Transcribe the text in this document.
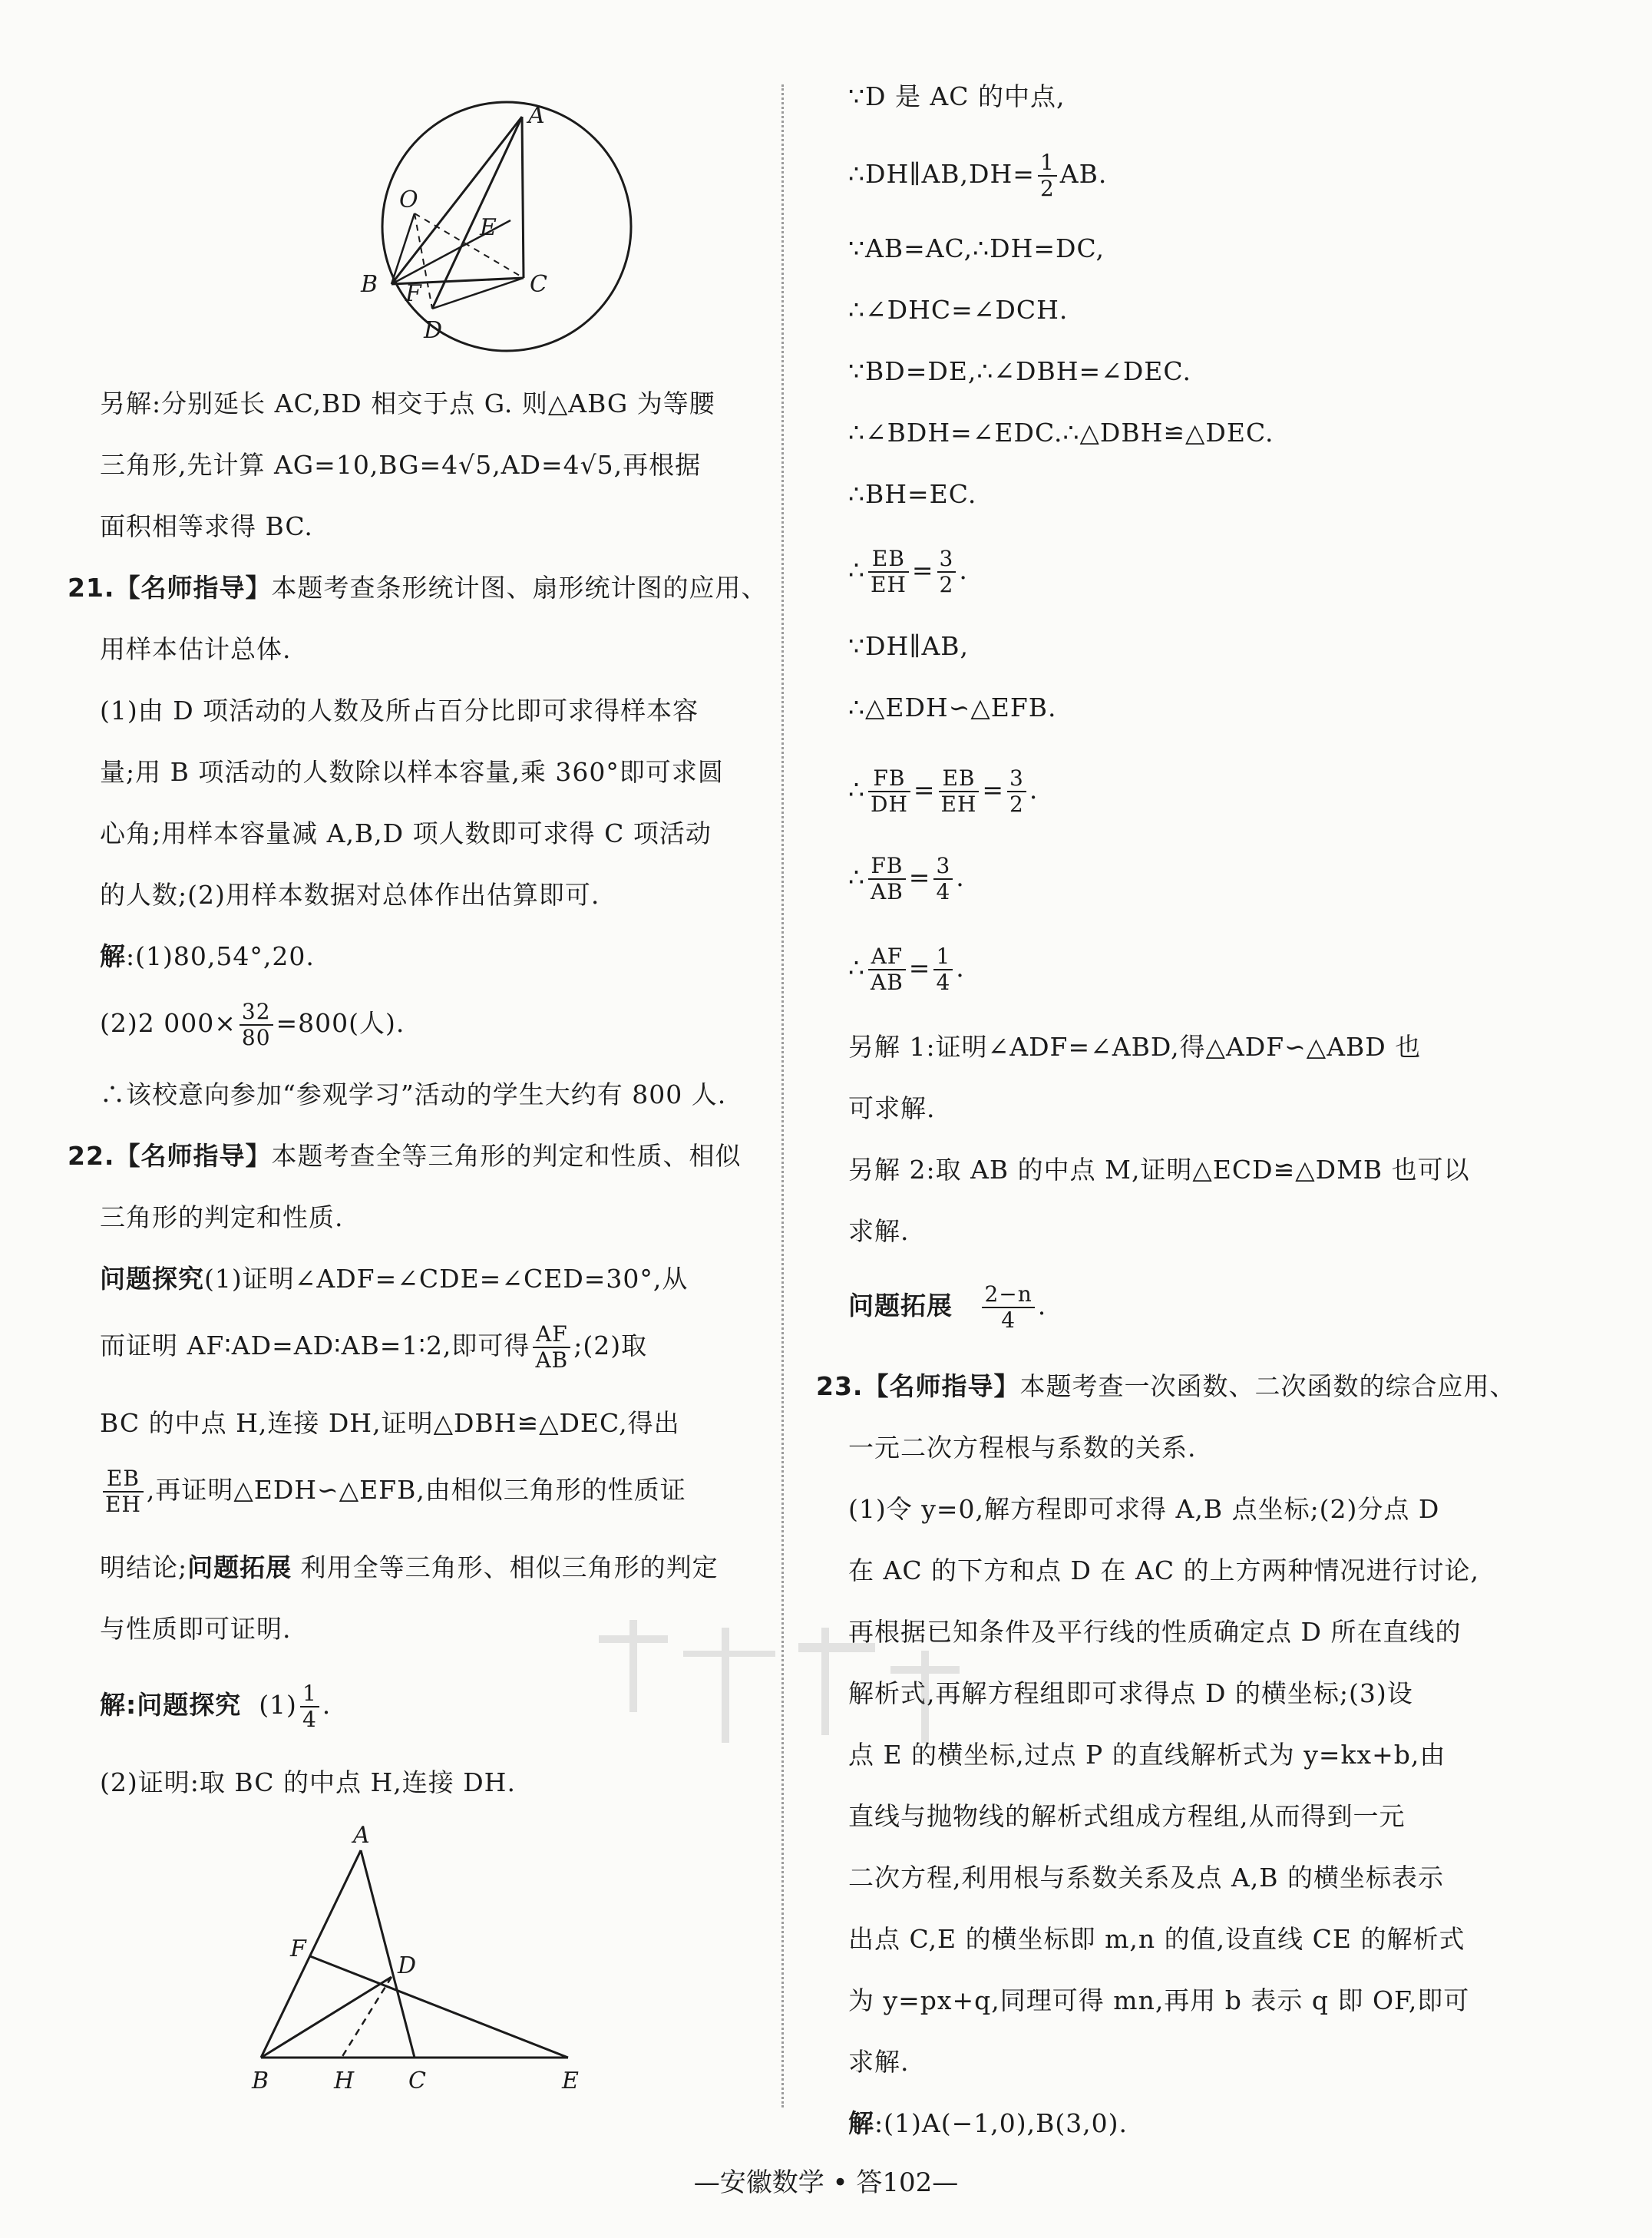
A
O
E
B F	C
D
另解:分别延长 AC,BD 相交于点 G. 则△ABG 为等腰
三角形,先计算 AG=10,BG=4√5,AD=4√5,再根据
面积相等求得 BC.
21.【名师指导】本题考查条形统计图、扇形统计图的应用、
用样本估计总体.
(1)由 D 项活动的人数及所占百分比即可求得样本容
量;用 B 项活动的人数除以样本容量,乘 360°即可求圆
心角;用样本容量减 A,B,D 项人数即可求得 C 项活动
的人数;(2)用样本数据对总体作出估算即可.
解:(1)80,54°,20.
(2)2 $000\times \frac{32}{80} =800$(人).
∴该校意向参加“参观学习”活动的学生大约有 800 人.
22.【名师指导】本题考查全等三角形的判定和性质、相似
三角形的判定和性质.
问题探究(1)证明∠ADF=∠CDE=∠CED=30°,从
而证明 AF∶AD=AD∶AB=1∶2,即可得 $\frac{AF}{AB}$ ;(2)取
BC 的中点 H,连接 DH,证明△DBH≌△DEC,得出
$\frac{EB}{EH}$ ,再证明△EDH∽△EFB,由相似三角形的性质证
明结论;问题拓展 利用全等三角形、相似三角形的判定
与性质即可证明.
解:问题探究 $(1) \frac{1}{4}$ .
(2)证明:取 BC 的中点 H,连接 DH.
A
F
D
B	H C	E
∵D 是 AC 的中点,
∴DH∥AB,DH= $\frac{1}{2}$ AB.
∵AB=AC,∴DH=DC,
∴∠DHC=∠DCH.
∵BD=DE,∴∠DBH=∠DEC.
∴∠BDH=∠EDC.∴△DBH≌△DEC.
∴BH=EC.
∴ $\frac{EB}{EH} = \frac{3}{2}$ .
∵DH∥AB,
∴△EDH∽△EFB.
∴ $\frac{FB}{DH} = \frac{EB}{EH} = \frac{3}{2}$ .
∴ $\frac{FB}{AB} = \frac{3}{4}$ .
∴ $\frac{AF}{AB} = \frac{1}{4}$ .
另解 1:证明∠ADF=∠ABD,得△ADF∽△ABD 也
可求解.
另解 2:取 AB 的中点 M,证明△ECD≌△DMB 也可以
求解.
问题拓展 $\frac{2-n}{4}$ .
23.【名师指导】本题考查一次函数、二次函数的综合应用、
一元二次方程根与系数的关系.
(1)令 y=0,解方程即可求得 A,B 点坐标;(2)分点 D
在 AC 的下方和点 D 在 AC 的上方两种情况进行讨论,
再根据已知条件及平行线的性质确定点 D 所在直线的
解析式,再解方程组即可求得点 D 的横坐标;(3)设
点 E 的横坐标,过点 P 的直线解析式为 y=kx+b,由
直线与抛物线的解析式组成方程组,从而得到一元
二次方程,利用根与系数关系及点 A,B 的横坐标表示
出点 C,E 的横坐标即 m,n 的值,设直线 CE 的解析式
为 y=px+q,同理可得 mn,再用 b 表示 q 即 OF,即可
求解.
解:(1)A(−1,0),B(3,0).
—安徽数学 • 答102—
